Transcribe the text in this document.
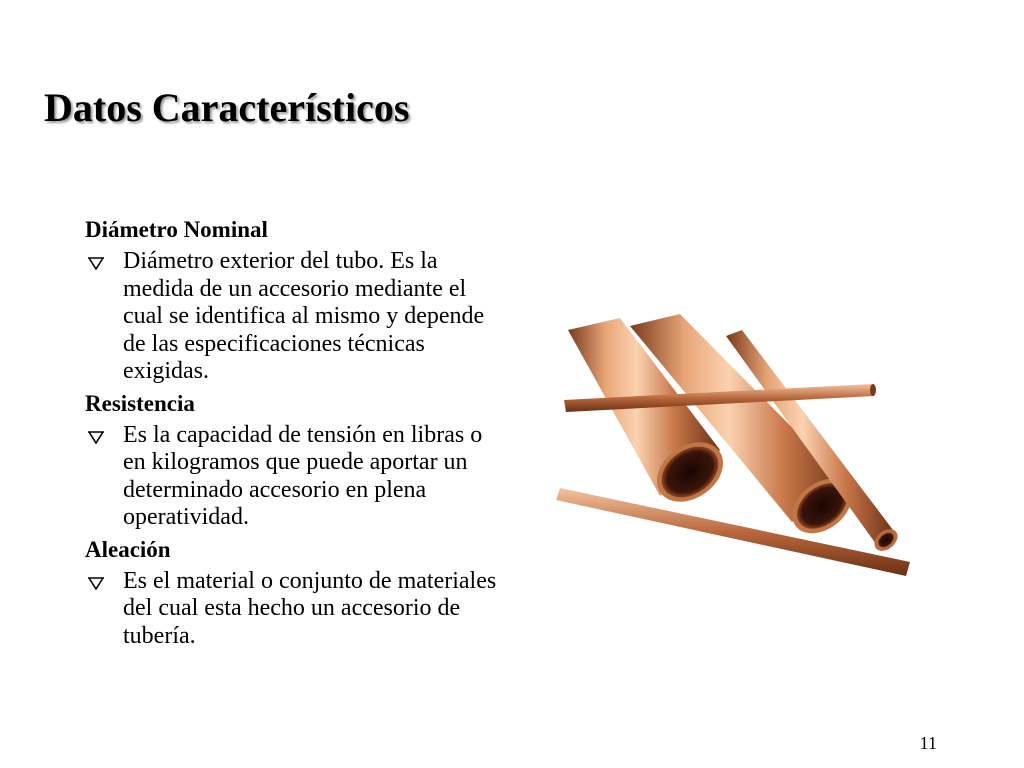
Datos Característicos
Diámetro Nominal
Diámetro exterior del tubo. Es la medida de un accesorio mediante el cual se identifica al mismo y depende de las especificaciones técnicas exigidas.
Resistencia
Es la capacidad de tensión en libras o en kilogramos que puede aportar un determinado accesorio en plena operatividad.
Aleación
Es el material o conjunto de materiales del cual esta hecho un accesorio de tubería.
11
